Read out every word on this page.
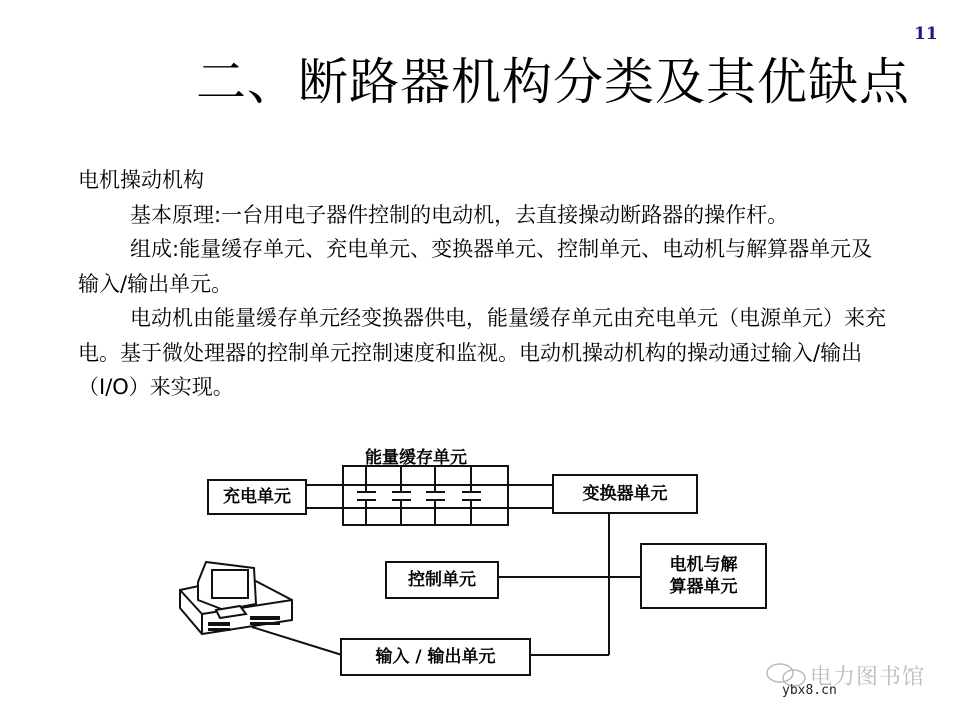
11
二、断路器机构分类及其优缺点

电机操动机构

基本原理:一台用电子器件控制的电动机，去直接操动断路器的操作杆。

组成:能量缓存单元、充电单元、变换器单元、控制单元、电动机与解算器单元及输入/输出单元。

电动机由能量缓存单元经变换器供电，能量缓存单元由充电单元（电源单元）来充电。基于微处理器的控制单元控制速度和监视。电动机操动机构的操动通过输入/输出（I/O）来实现。

能量缓存单元
充电单元	变换器单元
控制单元
电机与解
算器单元
输入 / 输出单元
电力图书馆
ybx8.cn
